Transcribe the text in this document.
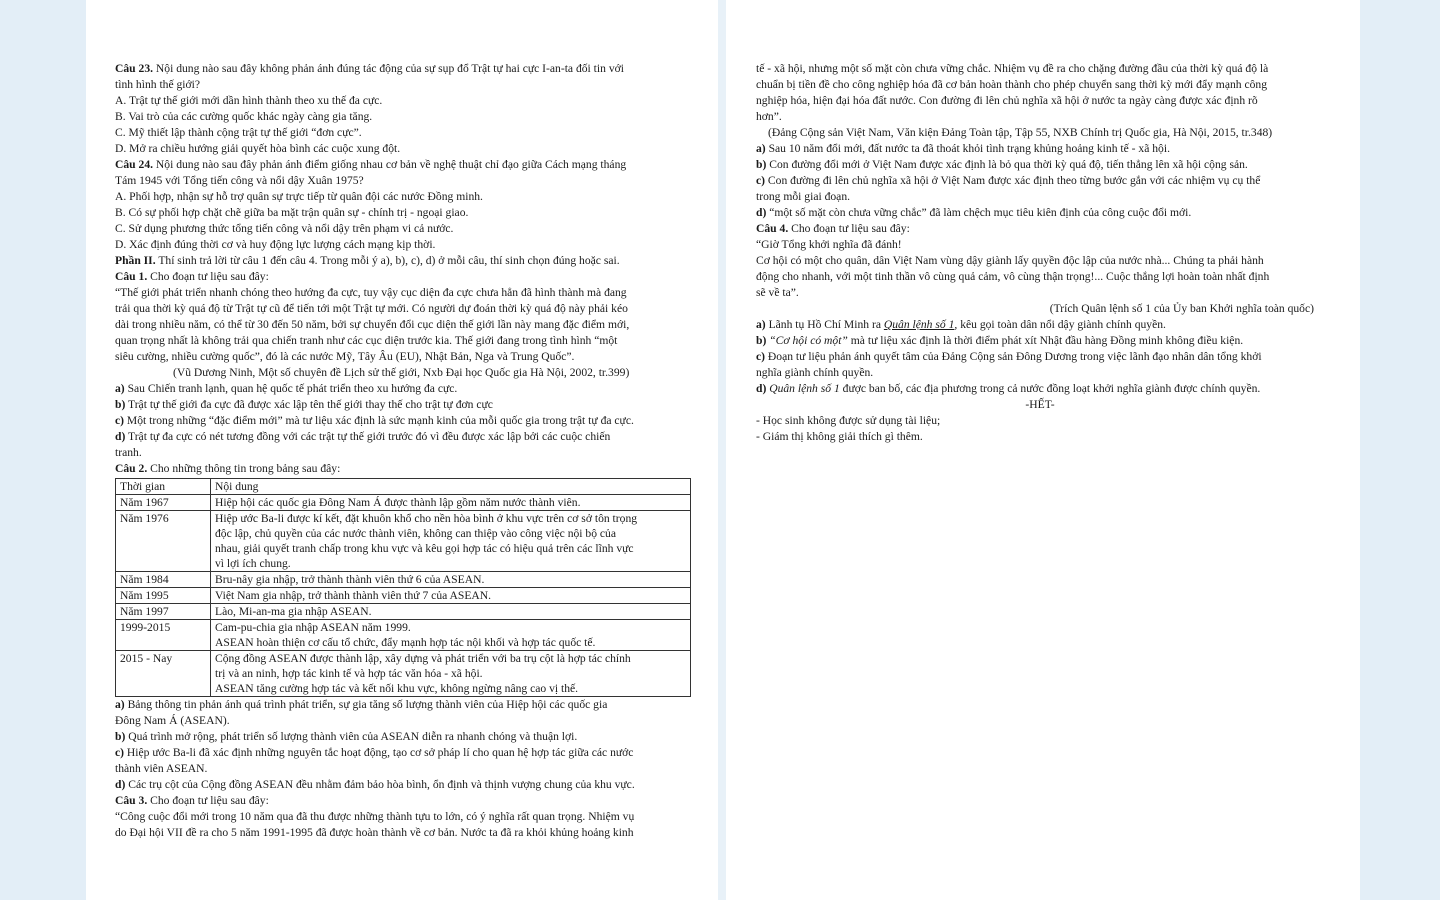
Câu 23. Nội dung nào sau đây không phản ánh đúng tác động của sự sụp đổ Trật tự hai cực I-an-ta đối tin với
tình hình thế giới?
A. Trật tự thế giới mới dần hình thành theo xu thế đa cực.
B. Vai trò của các cường quốc khác ngày càng gia tăng.
C. Mỹ thiết lập thành cộng trật tự thế giới “đơn cực”.
D. Mở ra chiều hướng giải quyết hòa bình các cuộc xung đột.
Câu 24. Nội dung nào sau đây phản ánh điểm giống nhau cơ bản về nghệ thuật chỉ đạo giữa Cách mạng tháng
Tám 1945 với Tổng tiến công và nổi dậy Xuân 1975?
A. Phối hợp, nhận sự hỗ trợ quân sự trực tiếp từ quân đội các nước Đồng minh.
B. Có sự phối hợp chặt chẽ giữa ba mặt trận quân sự - chính trị - ngoại giao.
C. Sử dụng phương thức tổng tiến công và nổi dậy trên phạm vi cả nước.
D. Xác định đúng thời cơ và huy động lực lượng cách mạng kịp thời.
Phần II. Thí sinh trả lời từ câu 1 đến câu 4. Trong mỗi ý a), b), c), d) ở mỗi câu, thí sinh chọn đúng hoặc sai.
Câu 1. Cho đoạn tư liệu sau đây:
“Thế giới phát triển nhanh chóng theo hướng đa cực, tuy vậy cục diện đa cực chưa hẳn đã hình thành mà đang
trải qua thời kỳ quá độ từ Trật tự cũ để tiến tới một Trật tự mới. Có người dự đoán thời kỳ quá độ này phải kéo
dài trong nhiều năm, có thể từ 30 đến 50 năm, bởi sự chuyển đổi cục diện thế giới lần này mang đặc điểm mới,
quan trọng nhất là không trải qua chiến tranh như các cục diện trước kia. Thế giới đang trong tình hình “một
siêu cường, nhiều cường quốc”, đó là các nước Mỹ, Tây Âu (EU), Nhật Bản, Nga và Trung Quốc”.
(Vũ Dương Ninh, Một số chuyên đề Lịch sử thế giới, Nxb Đại học Quốc gia Hà Nội, 2002, tr.399)
a) Sau Chiến tranh lạnh, quan hệ quốc tế phát triển theo xu hướng đa cực.
b) Trật tự thế giới đa cực đã được xác lập tên thế giới thay thế cho trật tự đơn cực
c) Một trong những “đặc điểm mới” mà tư liệu xác định là sức mạnh kinh của mỗi quốc gia trong trật tự đa cực.
d) Trật tự đa cực có nét tương đồng với các trật tự thế giới trước đó vì đều được xác lập bởi các cuộc chiến
tranh.
Câu 2. Cho những thông tin trong bảng sau đây:
Thời gian	Nội dung
Năm 1967	Hiệp hội các quốc gia Đông Nam Á được thành lập gồm năm nước thành viên.

Năm 1976	Hiệp ước Ba-li được kí kết, đặt khuôn khổ cho nền hòa bình ở khu vực trên cơ sở tôn trọng
độc lập, chủ quyền của các nước thành viên, không can thiệp vào công việc nội bộ của
nhau, giải quyết tranh chấp trong khu vực và kêu gọi hợp tác có hiệu quả trên các lĩnh vực
vì lợi ích chung.

Năm 1984	Bru-nây gia nhập, trở thành thành viên thứ 6 của ASEAN.

Năm 1995	Việt Nam gia nhập, trở thành thành viên thứ 7 của ASEAN.

Năm 1997	Lào, Mi-an-ma gia nhập ASEAN.

1999-2015	Cam-pu-chia gia nhập ASEAN năm 1999.
ASEAN hoàn thiện cơ cấu tổ chức, đẩy mạnh hợp tác nội khối và hợp tác quốc tế.

2015 - Nay	Cộng đồng ASEAN được thành lập, xây dựng và phát triển với ba trụ cột là hợp tác chính
trị và an ninh, hợp tác kinh tế và hợp tác văn hóa - xã hội.
ASEAN tăng cường hợp tác và kết nối khu vực, không ngừng nâng cao vị thế.
a) Bảng thông tin phản ánh quá trình phát triển, sự gia tăng số lượng thành viên của Hiệp hội các quốc gia
Đông Nam Á (ASEAN).
b) Quá trình mở rộng, phát triển số lượng thành viên của ASEAN diễn ra nhanh chóng và thuận lợi.
c) Hiệp ước Ba-li đã xác định những nguyên tắc hoạt động, tạo cơ sở pháp lí cho quan hệ hợp tác giữa các nước
thành viên ASEAN.
d) Các trụ cột của Cộng đồng ASEAN đều nhằm đảm bảo hòa bình, ổn định và thịnh vượng chung của khu vực.
Câu 3. Cho đoạn tư liệu sau đây:
“Công cuộc đổi mới trong 10 năm qua đã thu được những thành tựu to lớn, có ý nghĩa rất quan trọng. Nhiệm vụ
do Đại hội VII đề ra cho 5 năm 1991-1995 đã được hoàn thành về cơ bản. Nước ta đã ra khỏi khủng hoảng kinh
tế - xã hội, nhưng một số mặt còn chưa vững chắc. Nhiệm vụ đề ra cho chặng đường đầu của thời kỳ quá độ là
chuẩn bị tiền đề cho công nghiệp hóa đã cơ bản hoàn thành cho phép chuyển sang thời kỳ mới đẩy mạnh công
nghiệp hóa, hiện đại hóa đất nước. Con đường đi lên chủ nghĩa xã hội ở nước ta ngày càng được xác định rõ
hơn”.
(Đảng Cộng sản Việt Nam, Văn kiện Đảng Toàn tập, Tập 55, NXB Chính trị Quốc gia, Hà Nội, 2015, tr.348)
a) Sau 10 năm đổi mới, đất nước ta đã thoát khỏi tình trạng khủng hoảng kinh tế - xã hội.
b) Con đường đổi mới ở Việt Nam được xác định là bỏ qua thời kỳ quá độ, tiến thẳng lên xã hội cộng sản.
c) Con đường đi lên chủ nghĩa xã hội ở Việt Nam được xác định theo từng bước gắn với các nhiệm vụ cụ thể
trong mỗi giai đoạn.
d) “một số mặt còn chưa vững chắc” đã làm chệch mục tiêu kiên định của công cuộc đổi mới.
Câu 4. Cho đoạn tư liệu sau đây:
“Giờ Tổng khởi nghĩa đã đánh!
Cơ hội có một cho quân, dân Việt Nam vùng dậy giành lấy quyền độc lập của nước nhà... Chúng ta phải hành
động cho nhanh, với một tinh thần vô cùng quả cảm, vô cùng thận trọng!... Cuộc thắng lợi hoàn toàn nhất định
sẽ về ta”.
(Trích Quân lệnh số 1 của Ủy ban Khởi nghĩa toàn quốc)
a) Lãnh tụ Hồ Chí Minh ra Quân lệnh số 1, kêu gọi toàn dân nổi dậy giành chính quyền.
b) “Cơ hội có một” mà tư liệu xác định là thời điểm phát xít Nhật đầu hàng Đồng minh không điều kiện.
c) Đoạn tư liệu phản ánh quyết tâm của Đảng Cộng sản Đông Dương trong việc lãnh đạo nhân dân tổng khởi
nghĩa giành chính quyền.
d) Quân lệnh số 1 được ban bố, các địa phương trong cả nước đồng loạt khởi nghĩa giành được chính quyền.
-HẾT-
- Học sinh không được sử dụng tài liệu;
- Giám thị không giải thích gì thêm.
